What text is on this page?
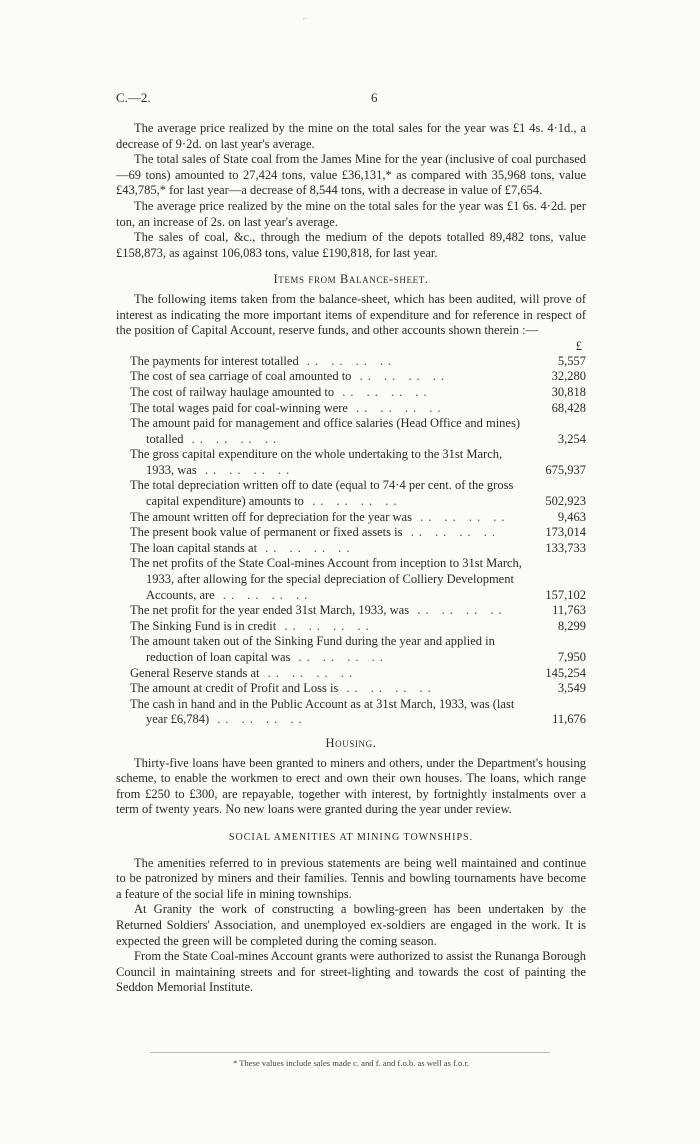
⌐
C.—2.	6

The average price realized by the mine on the total sales for the year was £1 4s. 4·1d., a decrease of 9·2d. on last year's average.

The total sales of State coal from the James Mine for the year (inclusive of coal purchased—69 tons) amounted to 27,424 tons, value £36,131,* as compared with 35,968 tons, value £43,785,* for last year—a decrease of 8,544 tons, with a decrease in value of £7,654.

The average price realized by the mine on the total sales for the year was £1 6s. 4·2d. per ton, an increase of 2s. on last year's average.

The sales of coal, &c., through the medium of the depots totalled 89,482 tons, value £158,873, as against 106,083 tons, value £190,818, for last year.

Items from Balance-sheet.

The following items taken from the balance-sheet, which has been audited, will prove of interest as indicating the more important items of expenditure and for reference in respect of the position of Capital Account, reserve funds, and other accounts shown therein :—

£
The payments for interest totalled .. .. .. ..	5,557
The cost of sea carriage of coal amounted to .. .. .. ..	32,280
The cost of railway haulage amounted to .. .. .. ..	30,818
The total wages paid for coal-winning were .. .. .. ..	68,428
The amount paid for management and office salaries (Head Office and mines) totalled .. .. .. ..	3,254
The gross capital expenditure on the whole undertaking to the 31st March, 1933, was .. .. .. ..	675,937
The total depreciation written off to date (equal to 74·4 per cent. of the gross capital expenditure) amounts to .. .. .. ..	502,923
The amount written off for depreciation for the year was .. .. .. ..	9,463
The present book value of permanent or fixed assets is .. .. .. ..	173,014
The loan capital stands at .. .. .. ..	133,733
The net profits of the State Coal-mines Account from inception to 31st March, 1933, after allowing for the special depreciation of Colliery Development Accounts, are .. .. .. ..	157,102
The net profit for the year ended 31st March, 1933, was .. .. .. ..	11,763
The Sinking Fund is in credit .. .. .. ..	8,299
The amount taken out of the Sinking Fund during the year and applied in reduction of loan capital was .. .. .. ..	7,950
General Reserve stands at .. .. .. ..	145,254
The amount at credit of Profit and Loss is .. .. .. ..	3,549
The cash in hand and in the Public Account as at 31st March, 1933, was (last year £6,784) .. .. .. ..	11,676
Housing.

Thirty-five loans have been granted to miners and others, under the Department's housing scheme, to enable the workmen to erect and own their own houses. The loans, which range from £250 to £300, are repayable, together with interest, by fortnightly instalments over a term of twenty years. No new loans were granted during the year under review.

SOCIAL AMENITIES AT MINING TOWNSHIPS.

The amenities referred to in previous statements are being well maintained and continue to be patronized by miners and their families. Tennis and bowling tournaments have become a feature of the social life in mining townships.

At Granity the work of constructing a bowling-green has been undertaken by the Returned Soldiers' Association, and unemployed ex-soldiers are engaged in the work. It is expected the green will be completed during the coming season.

From the State Coal-mines Account grants were authorized to assist the Runanga Borough Council in maintaining streets and for street-lighting and towards the cost of painting the Seddon Memorial Institute.

* These values include sales made c. and f. and f.o.b. as well as f.o.r.
